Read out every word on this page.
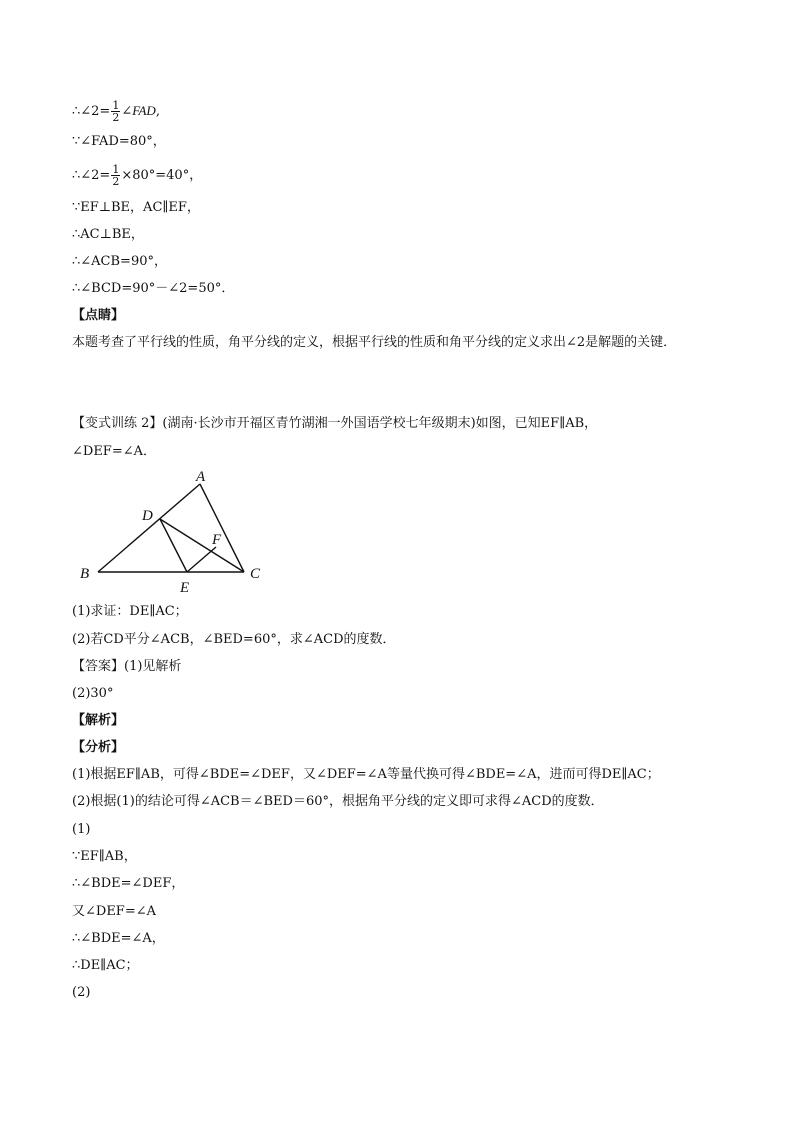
∴∠2= $\frac{1}{2}$ ∠FAD,
∵∠FAD=80°，
∴∠2= $\frac{1}{2} \times 80^\circ=40^\circ$，
∵EF⊥BE，AC∥EF，
∴AC⊥BE，
∴∠ACB=90°，
∴∠BCD=90°－∠2=50°．
【点睛】
本题考查了平行线的性质，角平分线的定义，根据平行线的性质和角平分线的定义求出∠2是解题的关键．
【变式训练 2】(湖南·长沙市开福区青竹湖湘一外国语学校七年级期末)如图，已知EF∥AB，
∠DEF=∠A．
A
B	C
D
E
F
(1)求证：DE∥AC；
(2)若CD平分∠ACB，∠BED=60°，求∠ACD的度数．
【答案】(1)见解析
(2)30°
【解析】
【分析】
(1)根据EF∥AB，可得∠BDE=∠DEF，又∠DEF=∠A等量代换可得∠BDE=∠A，进而可得DE∥AC；
(2)根据(1)的结论可得∠ACB＝∠BED＝60°，根据角平分线的定义即可求得∠ACD的度数．
(1)
∵EF∥AB，
∴∠BDE=∠DEF，
又∠DEF=∠A
∴∠BDE=∠A，
∴DE∥AC；
(2)
